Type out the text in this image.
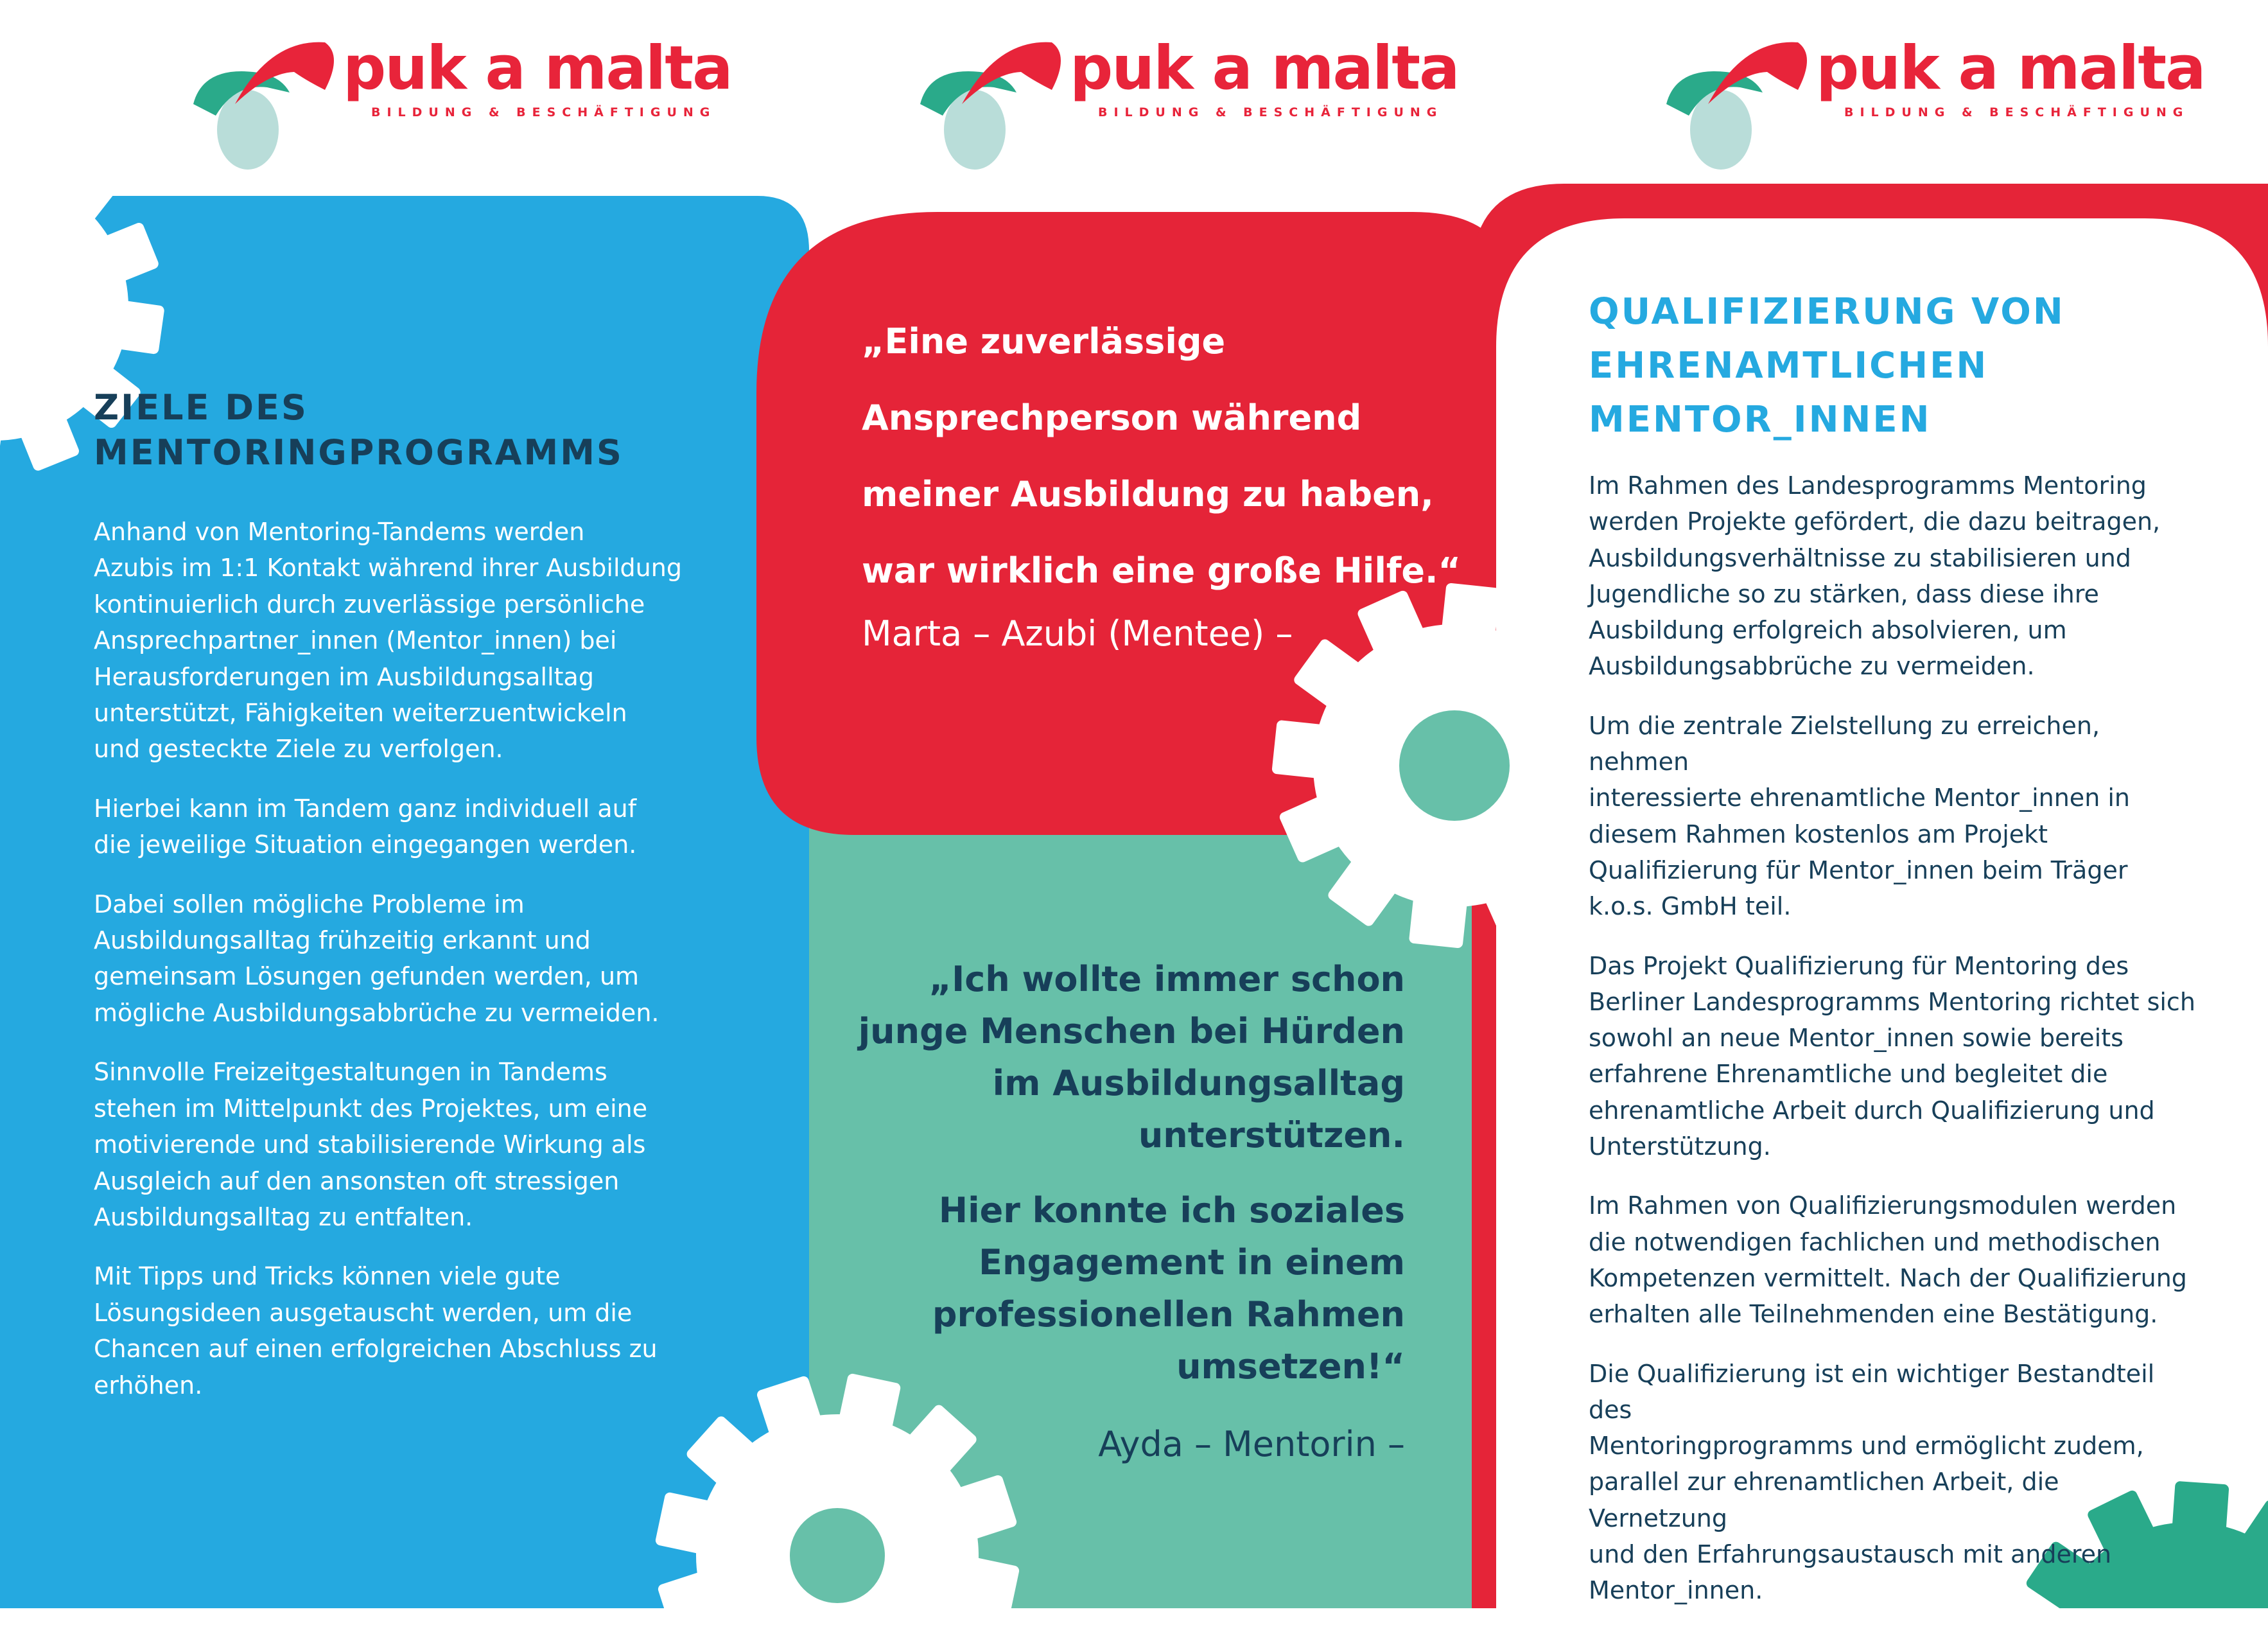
puk a malta
BILDUNG & BESCHÄFTIGUNG
puk a malta
BILDUNG & BESCHÄFTIGUNG
puk a malta
BILDUNG & BESCHÄFTIGUNG
ZIELE DES
MENTORINGPROGRAMMS

Anhand von Mentoring-Tandems werden
Azubis im 1:1 Kontakt während ihrer Ausbildung
kontinuierlich durch zuverlässige persönliche
Ansprechpartner_innen (Mentor_innen) bei
Herausforderungen im Ausbildungsalltag
unterstützt, Fähigkeiten weiterzuentwickeln
und gesteckte Ziele zu verfolgen.

Hierbei kann im Tandem ganz individuell auf
die jeweilige Situation eingegangen werden.

Dabei sollen mögliche Probleme im
Ausbildungsalltag frühzeitig erkannt und
gemeinsam Lösungen gefunden werden, um
mögliche Ausbildungsabbrüche zu vermeiden.

Sinnvolle Freizeitgestaltungen in Tandems
stehen im Mittelpunkt des Projektes, um eine
motivierende und stabilisierende Wirkung als
Ausgleich auf den ansonsten oft stressigen
Ausbildungsalltag zu entfalten.

Mit Tipps und Tricks können viele gute
Lösungsideen ausgetauscht werden, um die
Chancen auf einen erfolgreichen Abschluss zu
erhöhen.

„Eine zuverlässige
Ansprechperson während
meiner Ausbildung zu haben,
war wirklich eine große Hilfe.“
Marta – Azubi (Mentee) –

„Ich wollte immer schon
junge Menschen bei Hürden
im Ausbildungsalltag
unterstützen.

Hier konnte ich soziales
Engagement in einem
professionellen Rahmen
umsetzen!“

Ayda – Mentorin –
QUALIFIZIERUNG VON
EHRENAMTLICHEN
MENTOR_INNEN

Im Rahmen des Landesprogramms Mentoring
werden Projekte gefördert, die dazu beitragen,
Ausbildungsverhältnisse zu stabilisieren und
Jugendliche so zu stärken, dass diese ihre
Ausbildung erfolgreich absolvieren, um
Ausbildungsabbrüche zu vermeiden.

Um die zentrale Zielstellung zu erreichen, nehmen
interessierte ehrenamtliche Mentor_innen in
diesem Rahmen kostenlos am Projekt
Qualifizierung für Mentor_innen beim Träger
k.o.s. GmbH teil.

Das Projekt Qualifizierung für Mentoring des
Berliner Landesprogramms Mentoring richtet sich
sowohl an neue Mentor_innen sowie bereits
erfahrene Ehrenamtliche und begleitet die
ehrenamtliche Arbeit durch Qualifizierung und
Unterstützung.

Im Rahmen von Qualifizierungsmodulen werden
die notwendigen fachlichen und methodischen
Kompetenzen vermittelt. Nach der Qualifizierung
erhalten alle Teilnehmenden eine Bestätigung.

Die Qualifizierung ist ein wichtiger Bestandteil des
Mentoringprogramms und ermöglicht zudem,
parallel zur ehrenamtlichen Arbeit, die Vernetzung
und den Erfahrungsaustausch mit anderen
Mentor_innen.
